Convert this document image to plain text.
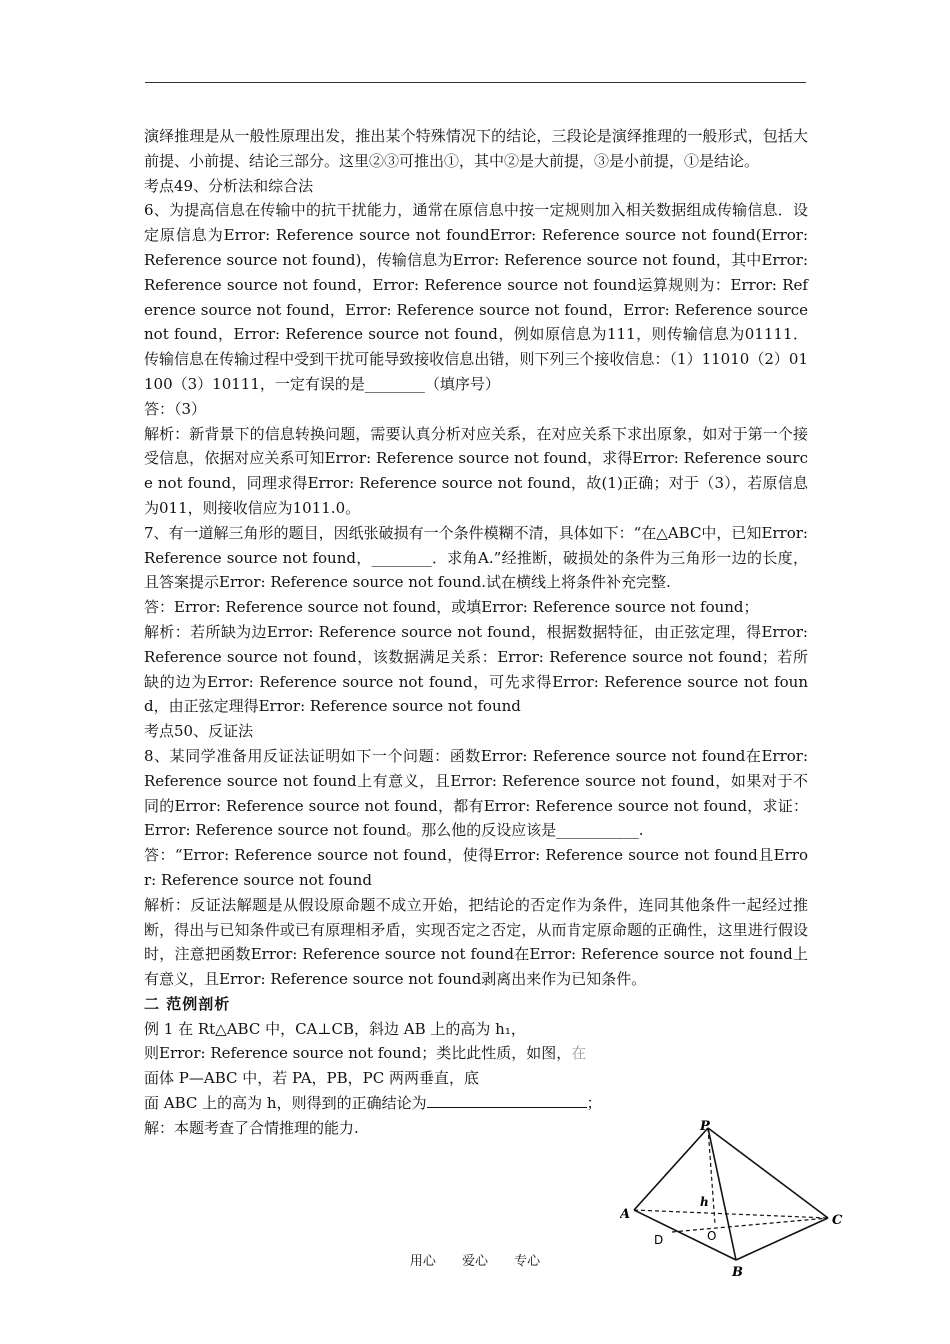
演绎推理是从一般性原理出发，推出某个特殊情况下的结论，三段论是演绎推理的一般形式，包括大前提、小前提、结论三部分。这里②③可推出①，其中②是大前提，③是小前提，①是结论。

考点49、分析法和综合法

6、为提高信息在传输中的抗干扰能力，通常在原信息中按一定规则加入相关数据组成传输信息．设定原信息为Error: Reference source not foundError: Reference source not found(Error: Reference source not found)，传输信息为Error: Reference source not found，其中Error: Reference source not found，Error: Reference source not found运算规则为：Error: Reference source not found，Error: Reference source not found，Error: Reference source not found，Error: Reference source not found，例如原信息为111，则传输信息为01111．传输信息在传输过程中受到干扰可能导致接收信息出错，则下列三个接收信息：（1）11010（2）01100（3）10111，一定有误的是________（填序号）

答：（3）

解析：新背景下的信息转换问题，需要认真分析对应关系，在对应关系下求出原象，如对于第一个接受信息，依据对应关系可知Error: Reference source not found，求得Error: Reference source not found，同理求得Error: Reference source not found，故(1)正确；对于（3），若原信息为011，则接收信应为1011.0。

7、有一道解三角形的题目，因纸张破损有一个条件模糊不清，具体如下：“在△ABC中，已知Error: Reference source not found，________．求角A.”经推断，破损处的条件为三角形一边的长度，且答案提示Error: Reference source not found.试在横线上将条件补充完整.

答：Error: Reference source not found，或填Error: Reference source not found；

解析：若所缺为边Error: Reference source not found，根据数据特征，由正弦定理，得Error: Reference source not found，该数据满足关系：Error: Reference source not found；若所缺的边为Error: Reference source not found，可先求得Error: Reference source not found，由正弦定理得Error: Reference source not found

考点50、反证法

8、某同学准备用反证法证明如下一个问题：函数Error: Reference source not found在Error: Reference source not found上有意义，且Error: Reference source not found，如果对于不同的Error: Reference source not found，都有Error: Reference source not found，求证：Error: Reference source not found。那么他的反设应该是___________.

答：“Error: Reference source not found，使得Error: Reference source not found且Error: Reference source not found

解析：反证法解题是从假设原命题不成立开始，把结论的否定作为条件，连同其他条件一起经过推断，得出与已知条件或已有原理相矛盾，实现否定之否定，从而肯定原命题的正确性，这里进行假设时，注意把函数Error: Reference source not found在Error: Reference source not found上有意义，且Error: Reference source not found剥离出来作为已知条件。

二 范例剖析

例 1 在 Rt△ABC 中，CA⊥CB，斜边 AB 上的高为 h₁，

则Error: Reference source not found；类比此性质，如图，在

面体 P—ABC 中，若 PA，PB，PC 两两垂直，底

面 ABC 上的高为 h，则得到的正确结论为	；

解：本题考查了合情推理的能力.	P
A	C
B
D	O
h
用心 爱心 专心
